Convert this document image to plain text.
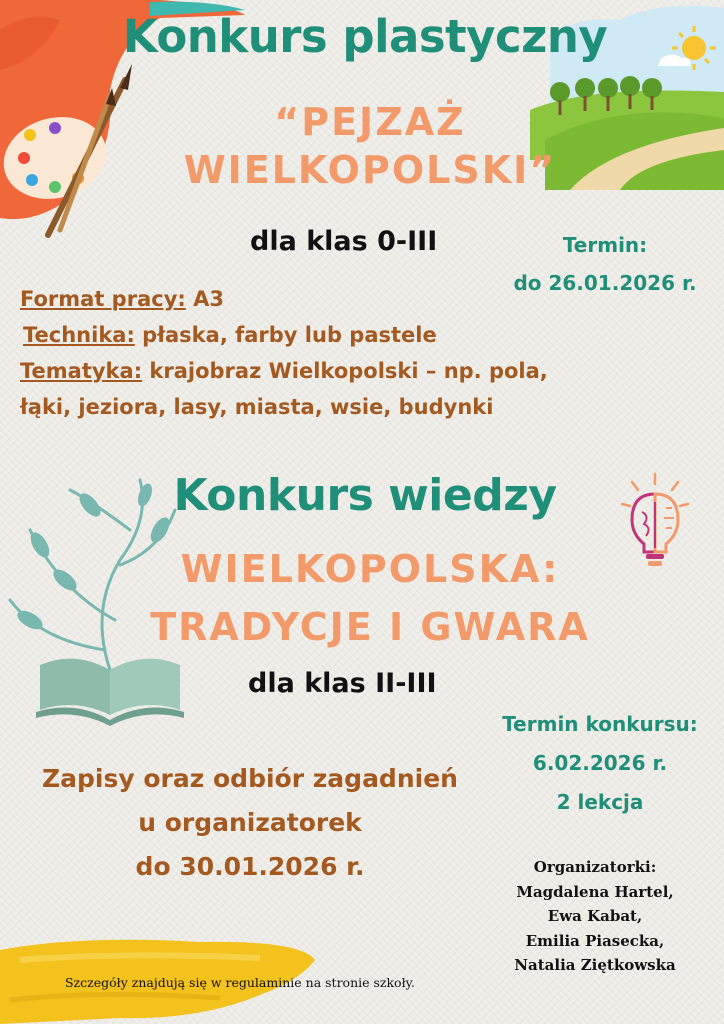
Konkurs plastyczny
“PEJZAŻ
WIELKOPOLSKI”
dla klas 0-III	Termin:
do 26.01.2026 r.
Format pracy: A3
Technika: płaska, farby lub pastele
Tematyka: krajobraz Wielkopolski – np. pola,
łąki, jeziora, lasy, miasta, wsie, budynki
Konkurs wiedzy
WIELKOPOLSKA:
TRADYCJE I GWARA
dla klas II-III
Termin konkursu:
6.02.2026 r.
2 lekcja
Zapisy oraz odbiór zagadnień
u organizatorek
do 30.01.2026 r.	Organizatorki:
Magdalena Hartel,
Ewa Kabat,
Emilia Piasecka,
Natalia Ziętkowska
Szczegóły znajdują się w regulaminie na stronie szkoły.
